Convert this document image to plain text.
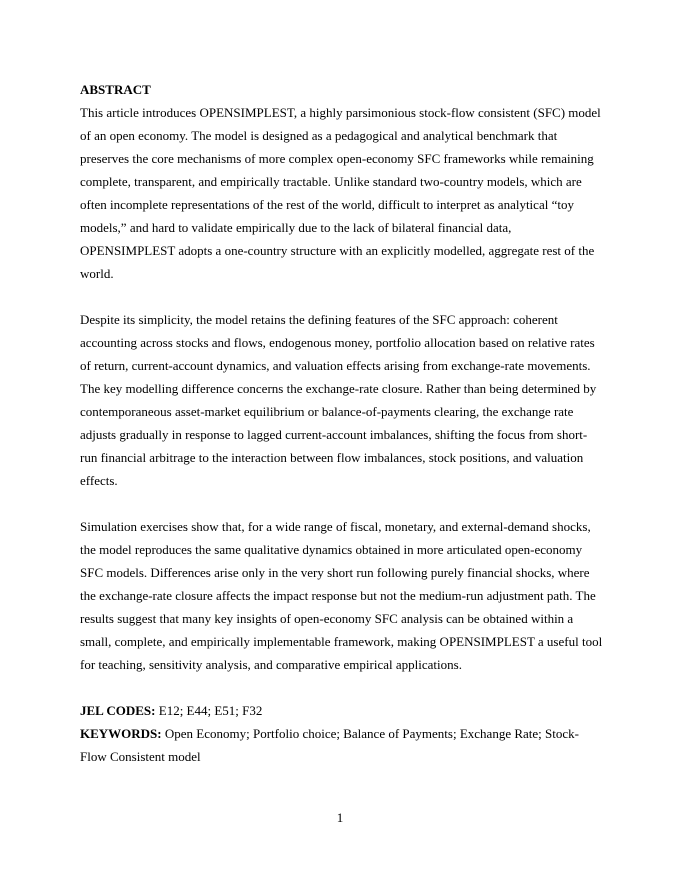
ABSTRACT

This article introduces OPENSIMPLEST, a highly parsimonious stock-flow consistent (SFC) model of an open economy. The model is designed as a pedagogical and analytical benchmark that preserves the core mechanisms of more complex open-economy SFC frameworks while remaining complete, transparent, and empirically tractable. Unlike standard two-country models, which are often incomplete representations of the rest of the world, difficult to interpret as analytical “toy models,” and hard to validate empirically due to the lack of bilateral financial data, OPENSIMPLEST adopts a one-country structure with an explicitly modelled, aggregate rest of the world.

Despite its simplicity, the model retains the defining features of the SFC approach: coherent accounting across stocks and flows, endogenous money, portfolio allocation based on relative rates of return, current-account dynamics, and valuation effects arising from exchange-rate movements. The key modelling difference concerns the exchange-rate closure. Rather than being determined by contemporaneous asset-market equilibrium or balance-of-payments clearing, the exchange rate adjusts gradually in response to lagged current-account imbalances, shifting the focus from short-run financial arbitrage to the interaction between flow imbalances, stock positions, and valuation effects.

Simulation exercises show that, for a wide range of fiscal, monetary, and external-demand shocks, the model reproduces the same qualitative dynamics obtained in more articulated open-economy SFC models. Differences arise only in the very short run following purely financial shocks, where the exchange-rate closure affects the impact response but not the medium-run adjustment path. The results suggest that many key insights of open-economy SFC analysis can be obtained within a small, complete, and empirically implementable framework, making OPENSIMPLEST a useful tool for teaching, sensitivity analysis, and comparative empirical applications.

JEL CODES: E12; E44; E51; F32

KEYWORDS: Open Economy; Portfolio choice; Balance of Payments; Exchange Rate; Stock-Flow Consistent model

1
